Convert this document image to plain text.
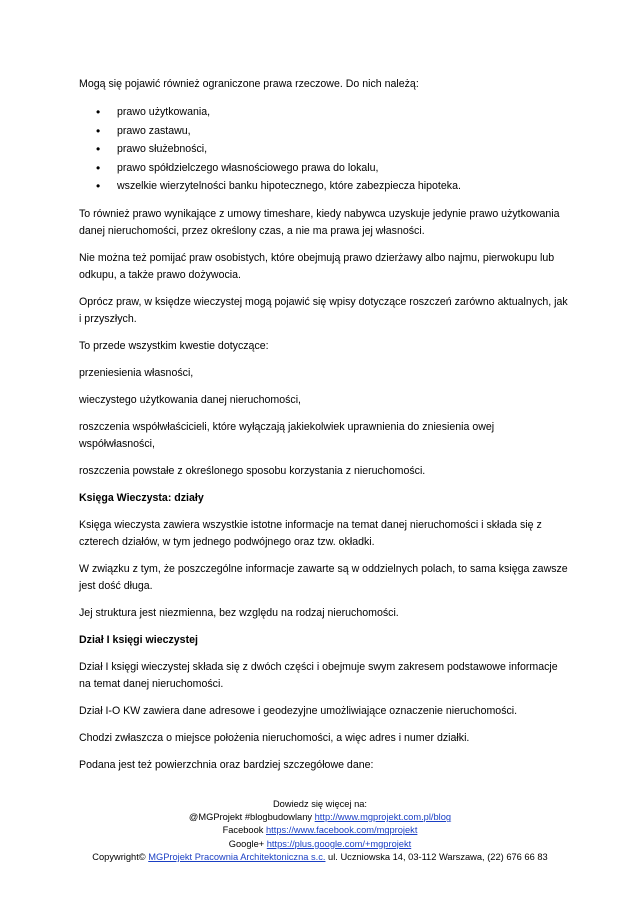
Mogą się pojawić również ograniczone prawa rzeczowe. Do nich należą:

• prawo użytkowania,
• prawo zastawu,
• prawo służebności,
• prawo spółdzielczego własnościowego prawa do lokalu,
• wszelkie wierzytelności banku hipotecznego, które zabezpiecza hipoteka.

To również prawo wynikające z umowy timeshare, kiedy nabywca uzyskuje jedynie prawo użytkowania danej nieruchomości, przez określony czas, a nie ma prawa jej własności.

Nie można też pomijać praw osobistych, które obejmują prawo dzierżawy albo najmu, pierwokupu lub odkupu, a także prawo dożywocia.

Oprócz praw, w księdze wieczystej mogą pojawić się wpisy dotyczące roszczeń zarówno aktualnych, jak i przyszłych.

To przede wszystkim kwestie dotyczące:

przeniesienia własności,

wieczystego użytkowania danej nieruchomości,

roszczenia współwłaścicieli, które wyłączają jakiekolwiek uprawnienia do zniesienia owej współwłasności,

roszczenia powstałe z określonego sposobu korzystania z nieruchomości.

Księga Wieczysta: działy

Księga wieczysta zawiera wszystkie istotne informacje na temat danej nieruchomości i składa się z czterech działów, w tym jednego podwójnego oraz tzw. okładki.

W związku z tym, że poszczególne informacje zawarte są w oddzielnych polach, to sama księga zawsze jest dość długa.

Jej struktura jest niezmienna, bez względu na rodzaj nieruchomości.

Dział I księgi wieczystej

Dział I księgi wieczystej składa się z dwóch części i obejmuje swym zakresem podstawowe informacje na temat danej nieruchomości.

Dział I-O KW zawiera dane adresowe i geodezyjne umożliwiające oznaczenie nieruchomości.

Chodzi zwłaszcza o miejsce położenia nieruchomości, a więc adres i numer działki.

Podana jest też powierzchnia oraz bardziej szczegółowe dane:

Dowiedz się więcej na:
@MGProjekt #blogbudowlany http://www.mgprojekt.com.pl/blog
Facebook https://www.facebook.com/mgprojekt
Google+ https://plus.google.com/+mgprojekt
Copywright© MGProjekt Pracownia Architektoniczna s.c. ul. Uczniowska 14, 03-112 Warszawa, (22) 676 66 83
